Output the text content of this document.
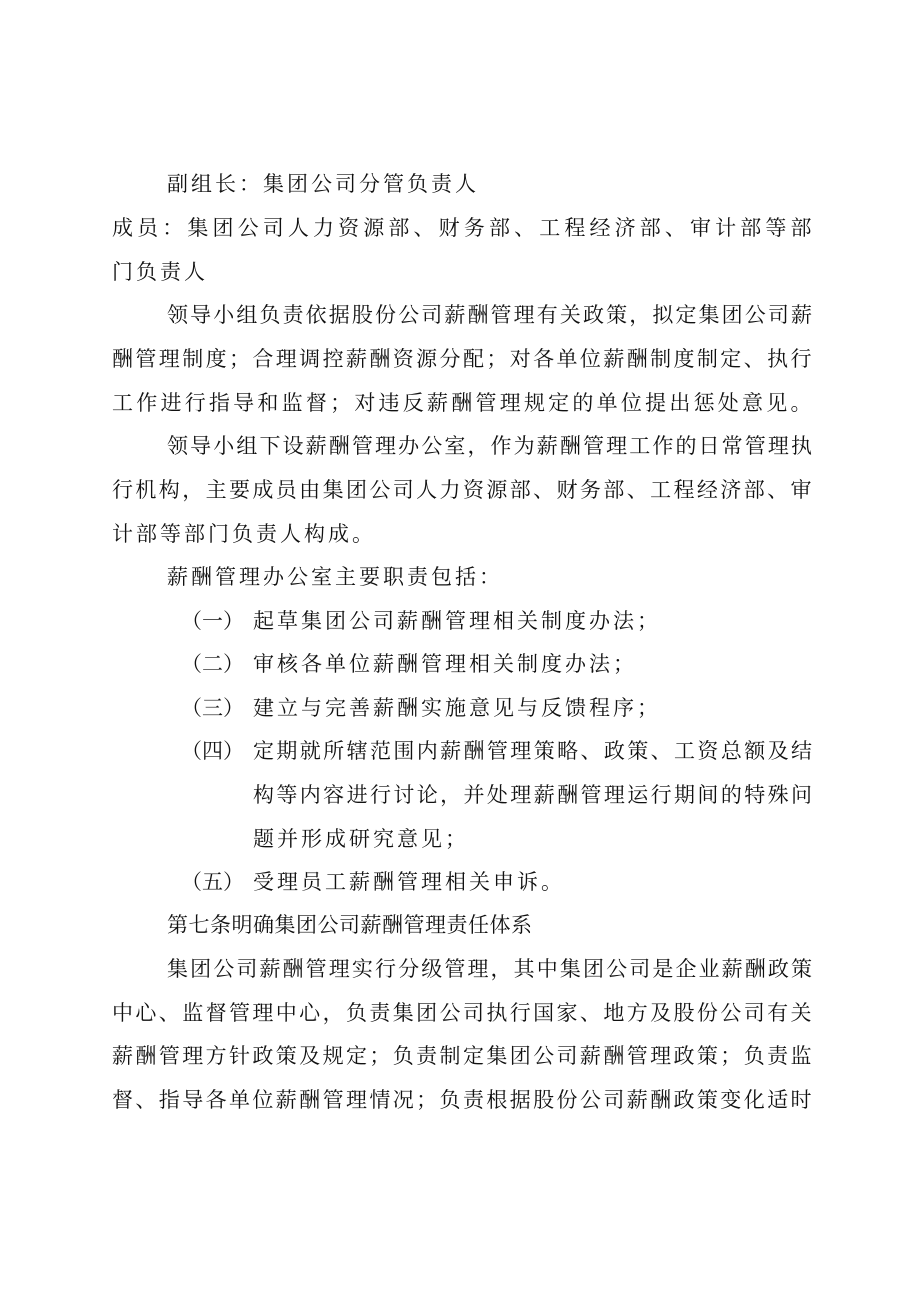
副组长：集团公司分管负责人
成员：集团公司人力资源部、财务部、工程经济部、审计部等部
门负责人
领导小组负责依据股份公司薪酬管理有关政策，拟定集团公司薪
酬管理制度；合理调控薪酬资源分配；对各单位薪酬制度制定、执行
工作进行指导和监督；对违反薪酬管理规定的单位提出惩处意见。
领导小组下设薪酬管理办公室，作为薪酬管理工作的日常管理执
行机构，主要成员由集团公司人力资源部、财务部、工程经济部、审
计部等部门负责人构成。
薪酬管理办公室主要职责包括：
（一） 起草集团公司薪酬管理相关制度办法；
（二） 审核各单位薪酬管理相关制度办法；
（三） 建立与完善薪酬实施意见与反馈程序；
（四） 定期就所辖范围内薪酬管理策略、政策、工资总额及结
构等内容进行讨论，并处理薪酬管理运行期间的特殊问
题并形成研究意见；
（五） 受理员工薪酬管理相关申诉。
第七条明确集团公司薪酬管理责任体系
集团公司薪酬管理实行分级管理，其中集团公司是企业薪酬政策
中心、监督管理中心，负责集团公司执行国家、地方及股份公司有关
薪酬管理方针政策及规定；负责制定集团公司薪酬管理政策；负责监
督、指导各单位薪酬管理情况；负责根据股份公司薪酬政策变化适时
